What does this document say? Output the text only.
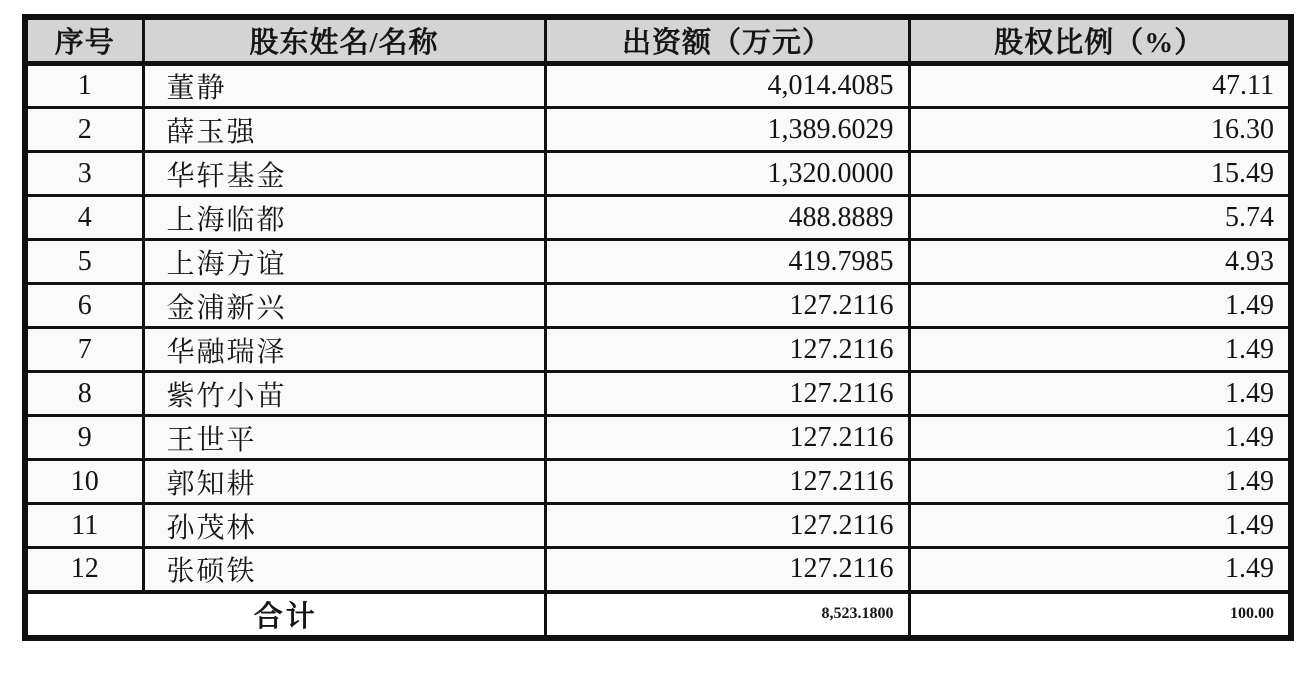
序号	股东姓名/名称	出资额（万元）	股权比例（%）
1	董静	4,014.4085	47.11
2	薛玉强	1,389.6029	16.30
3	华轩基金	1,320.0000	15.49
4	上海临都	488.8889	5.74
5	上海方谊	419.7985	4.93
6	金浦新兴	127.2116	1.49
7	华融瑞泽	127.2116	1.49
8	紫竹小苗	127.2116	1.49
9	王世平	127.2116	1.49
10	郭知耕	127.2116	1.49
11	孙茂林	127.2116	1.49
12	张硕铁	127.2116	1.49
合计		8,523.1800	100.00
